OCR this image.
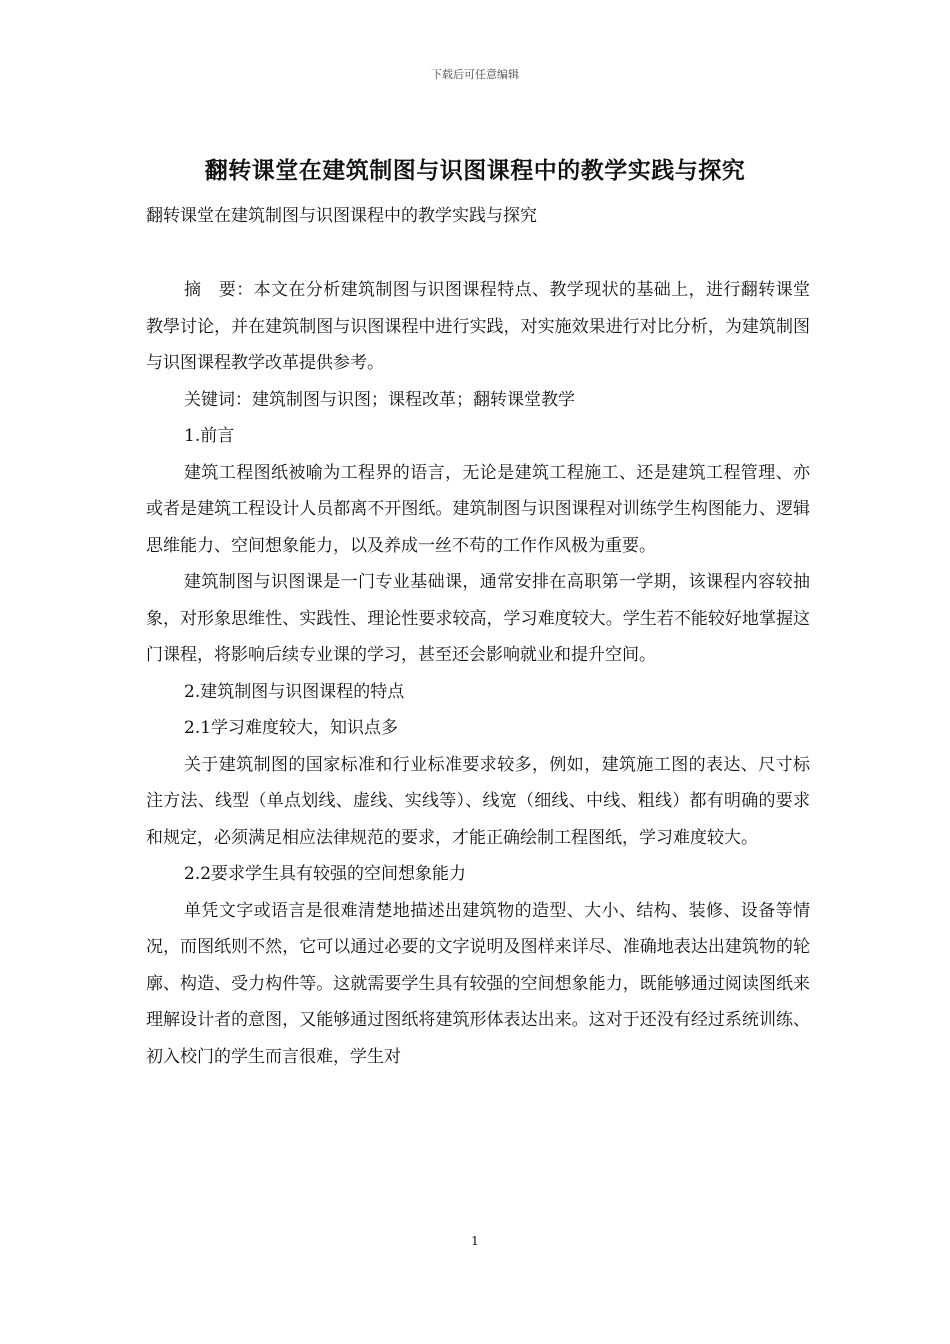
下载后可任意编辑
翻转课堂在建筑制图与识图课程中的教学实践与探究
翻转课堂在建筑制图与识图课程中的教学实践与探究

摘　要：本文在分析建筑制图与识图课程特点、教学现状的基础上，进行翻转课堂教學讨论，并在建筑制图与识图课程中进行实践，对实施效果进行对比分析，为建筑制图与识图课程教学改革提供参考。

关键词：建筑制图与识图；课程改革；翻转课堂教学

1.前言

建筑工程图纸被喻为工程界的语言，无论是建筑工程施工、还是建筑工程管理、亦或者是建筑工程设计人员都离不开图纸。建筑制图与识图课程对训练学生构图能力、逻辑思维能力、空间想象能力，以及养成一丝不苟的工作作风极为重要。

建筑制图与识图课是一门专业基础课，通常安排在高职第一学期，该课程内容较抽象，对形象思维性、实践性、理论性要求较高，学习难度较大。学生若不能较好地掌握这门课程，将影响后续专业课的学习，甚至还会影响就业和提升空间。

2.建筑制图与识图课程的特点

2.1学习难度较大，知识点多

关于建筑制图的国家标准和行业标准要求较多，例如，建筑施工图的表达、尺寸标注方法、线型（单点划线、虚线、实线等）、线宽（细线、中线、粗线）都有明确的要求和规定，必须满足相应法律规范的要求，才能正确绘制工程图纸，学习难度较大。

2.2要求学生具有较强的空间想象能力

单凭文字或语言是很难清楚地描述出建筑物的造型、大小、结构、装修、设备等情况，而图纸则不然，它可以通过必要的文字说明及图样来详尽、准确地表达出建筑物的轮廓、构造、受力构件等。这就需要学生具有较强的空间想象能力，既能够通过阅读图纸来理解设计者的意图，又能够通过图纸将建筑形体表达出来。这对于还没有经过系统训练、初入校门的学生而言很难，学生对

1
